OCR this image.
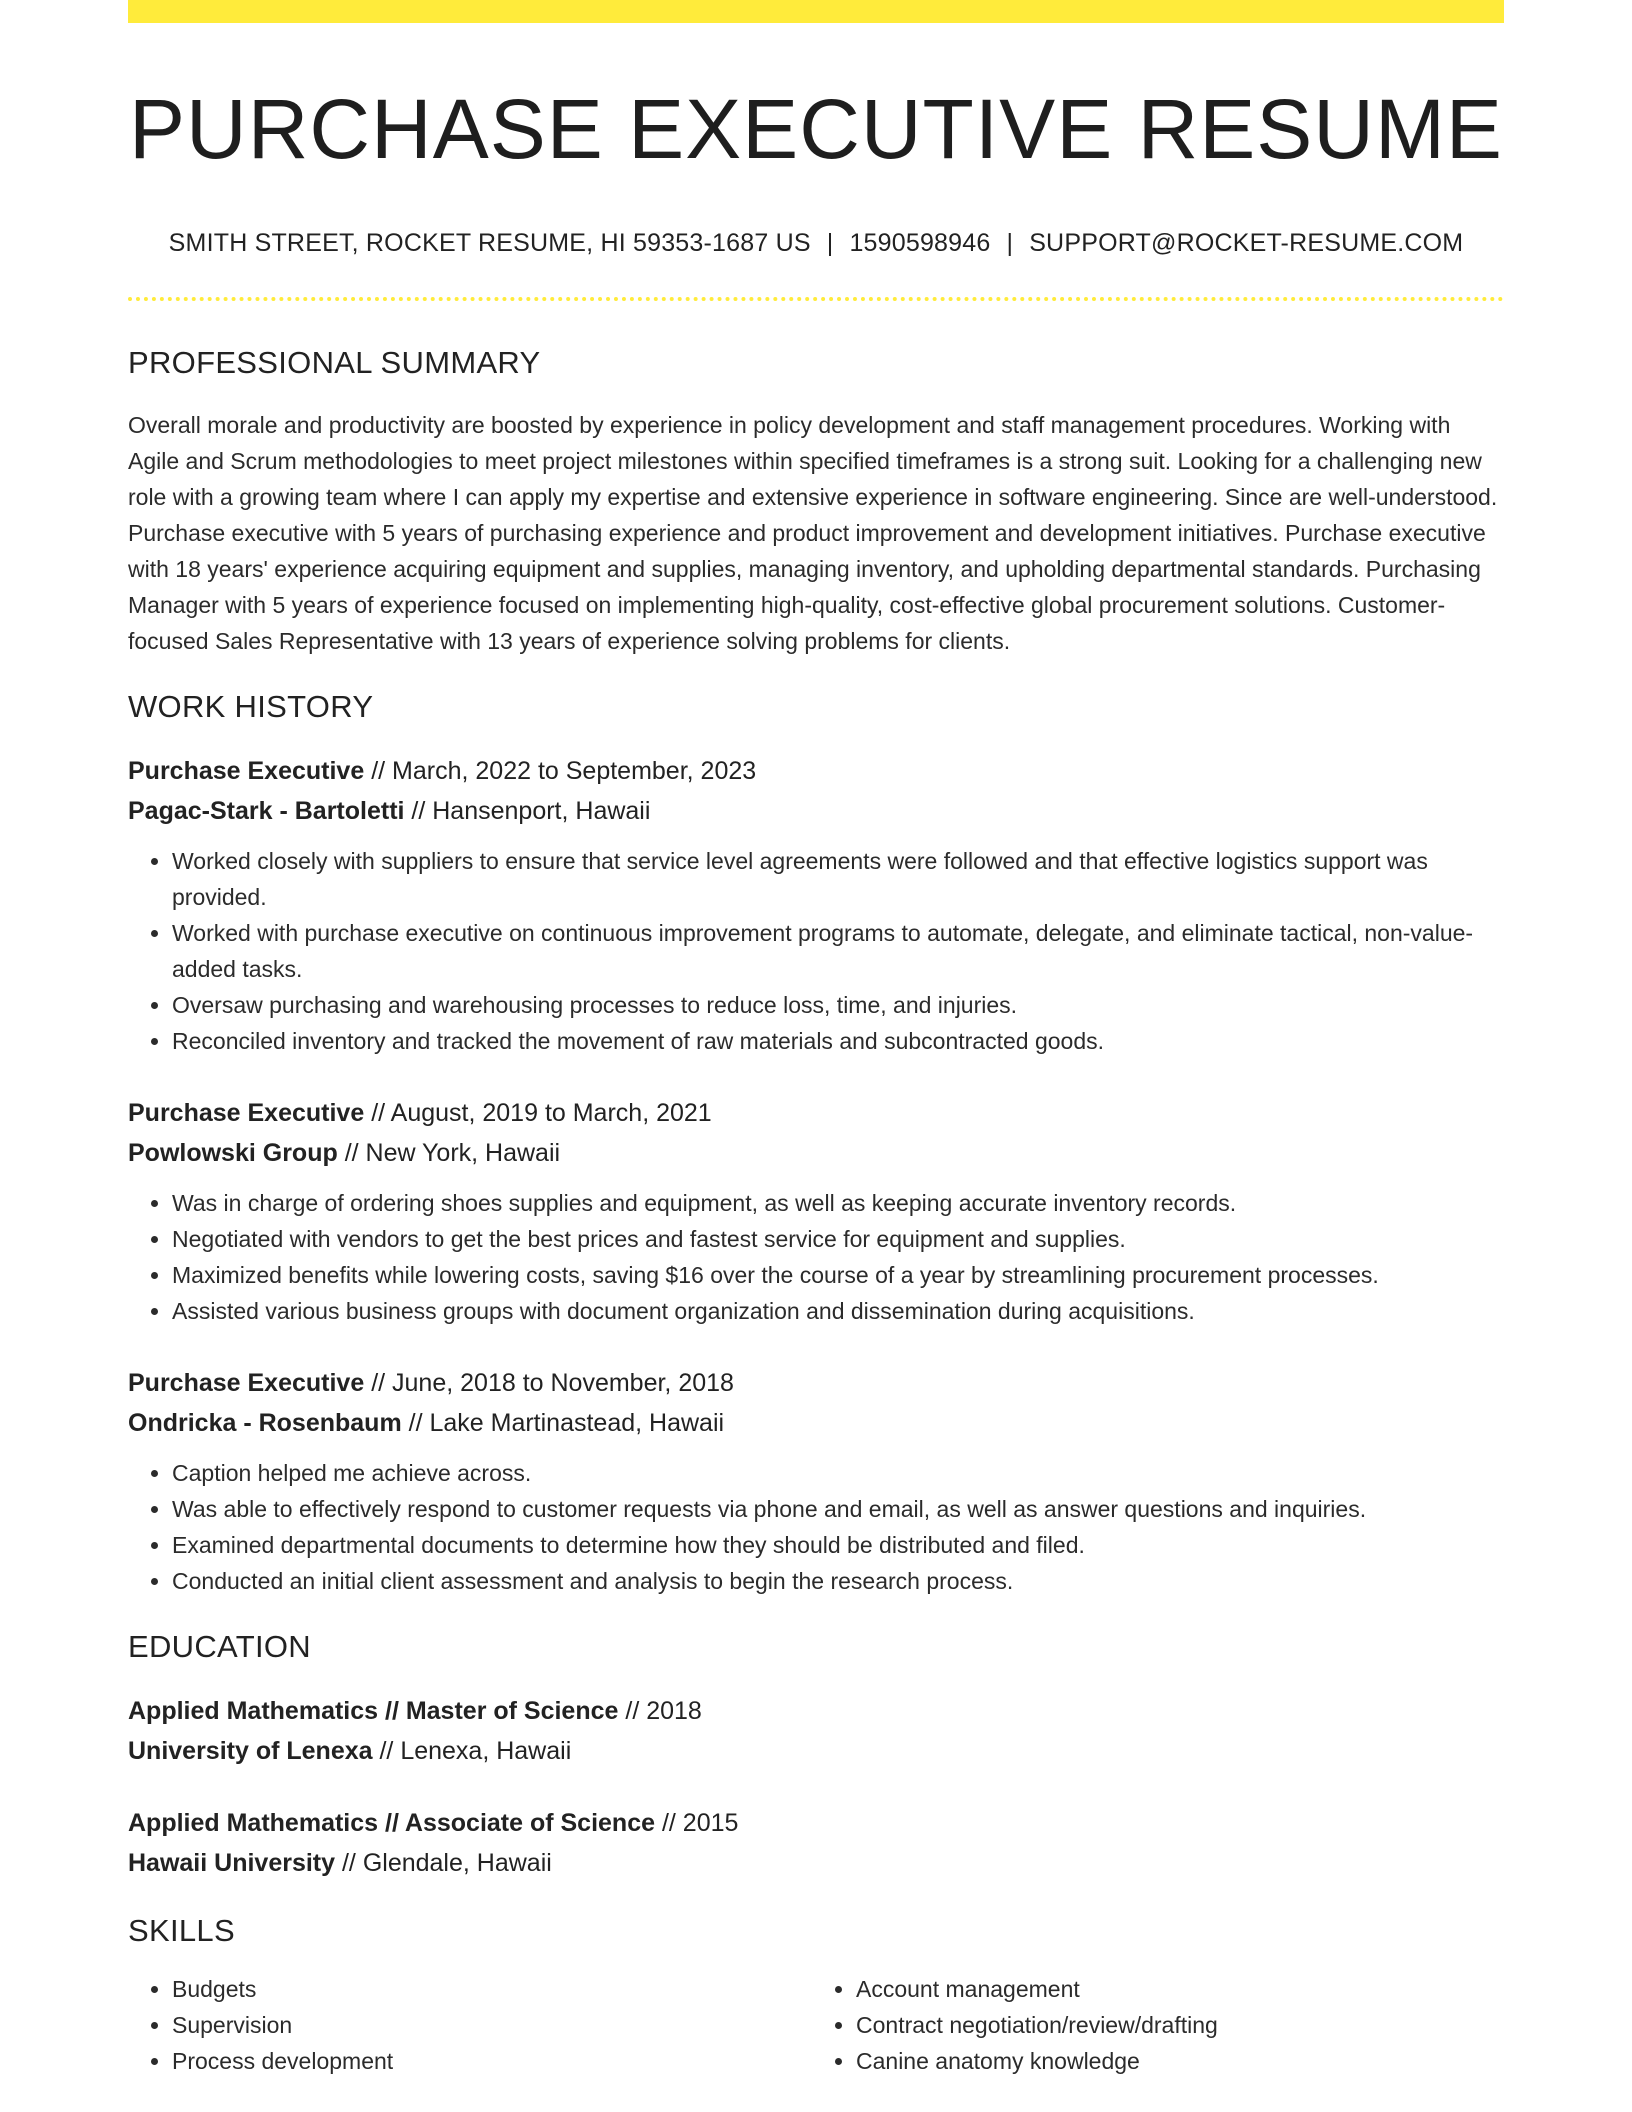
PURCHASE EXECUTIVE RESUME
SMITH STREET, ROCKET RESUME, HI 59353-1687 US | 1590598946 | SUPPORT@ROCKET-RESUME.COM
PROFESSIONAL SUMMARY
Overall morale and productivity are boosted by experience in policy development and staff management procedures. Working with Agile and Scrum methodologies to meet project milestones within specified timeframes is a strong suit. Looking for a challenging new role with a growing team where I can apply my expertise and extensive experience in software engineering. Since are well-understood. Purchase executive with 5 years of purchasing experience and product improvement and development initiatives. Purchase executive with 18 years' experience acquiring equipment and supplies, managing inventory, and upholding departmental standards. Purchasing Manager with 5 years of experience focused on implementing high-quality, cost-effective global procurement solutions. Customer-focused Sales Representative with 13 years of experience solving problems for clients.
WORK HISTORY
Purchase Executive // March, 2022 to September, 2023
Pagac-Stark - Bartoletti // Hansenport, Hawaii
• Worked closely with suppliers to ensure that service level agreements were followed and that effective logistics support was provided.
• Worked with purchase executive on continuous improvement programs to automate, delegate, and eliminate tactical, non-value-added tasks.
• Oversaw purchasing and warehousing processes to reduce loss, time, and injuries.
• Reconciled inventory and tracked the movement of raw materials and subcontracted goods.
Purchase Executive // August, 2019 to March, 2021
Powlowski Group // New York, Hawaii
• Was in charge of ordering shoes supplies and equipment, as well as keeping accurate inventory records.
• Negotiated with vendors to get the best prices and fastest service for equipment and supplies.
• Maximized benefits while lowering costs, saving $16 over the course of a year by streamlining procurement processes.
• Assisted various business groups with document organization and dissemination during acquisitions.
Purchase Executive // June, 2018 to November, 2018
Ondricka - Rosenbaum // Lake Martinastead, Hawaii
• Caption helped me achieve across.
• Was able to effectively respond to customer requests via phone and email, as well as answer questions and inquiries.
• Examined departmental documents to determine how they should be distributed and filed.
• Conducted an initial client assessment and analysis to begin the research process.
EDUCATION
Applied Mathematics // Master of Science // 2018
University of Lenexa // Lenexa, Hawaii
Applied Mathematics // Associate of Science // 2015
Hawaii University // Glendale, Hawaii
SKILLS
• Budgets
• Supervision
• Process development
• Account management
• Contract negotiation/review/drafting
• Canine anatomy knowledge
